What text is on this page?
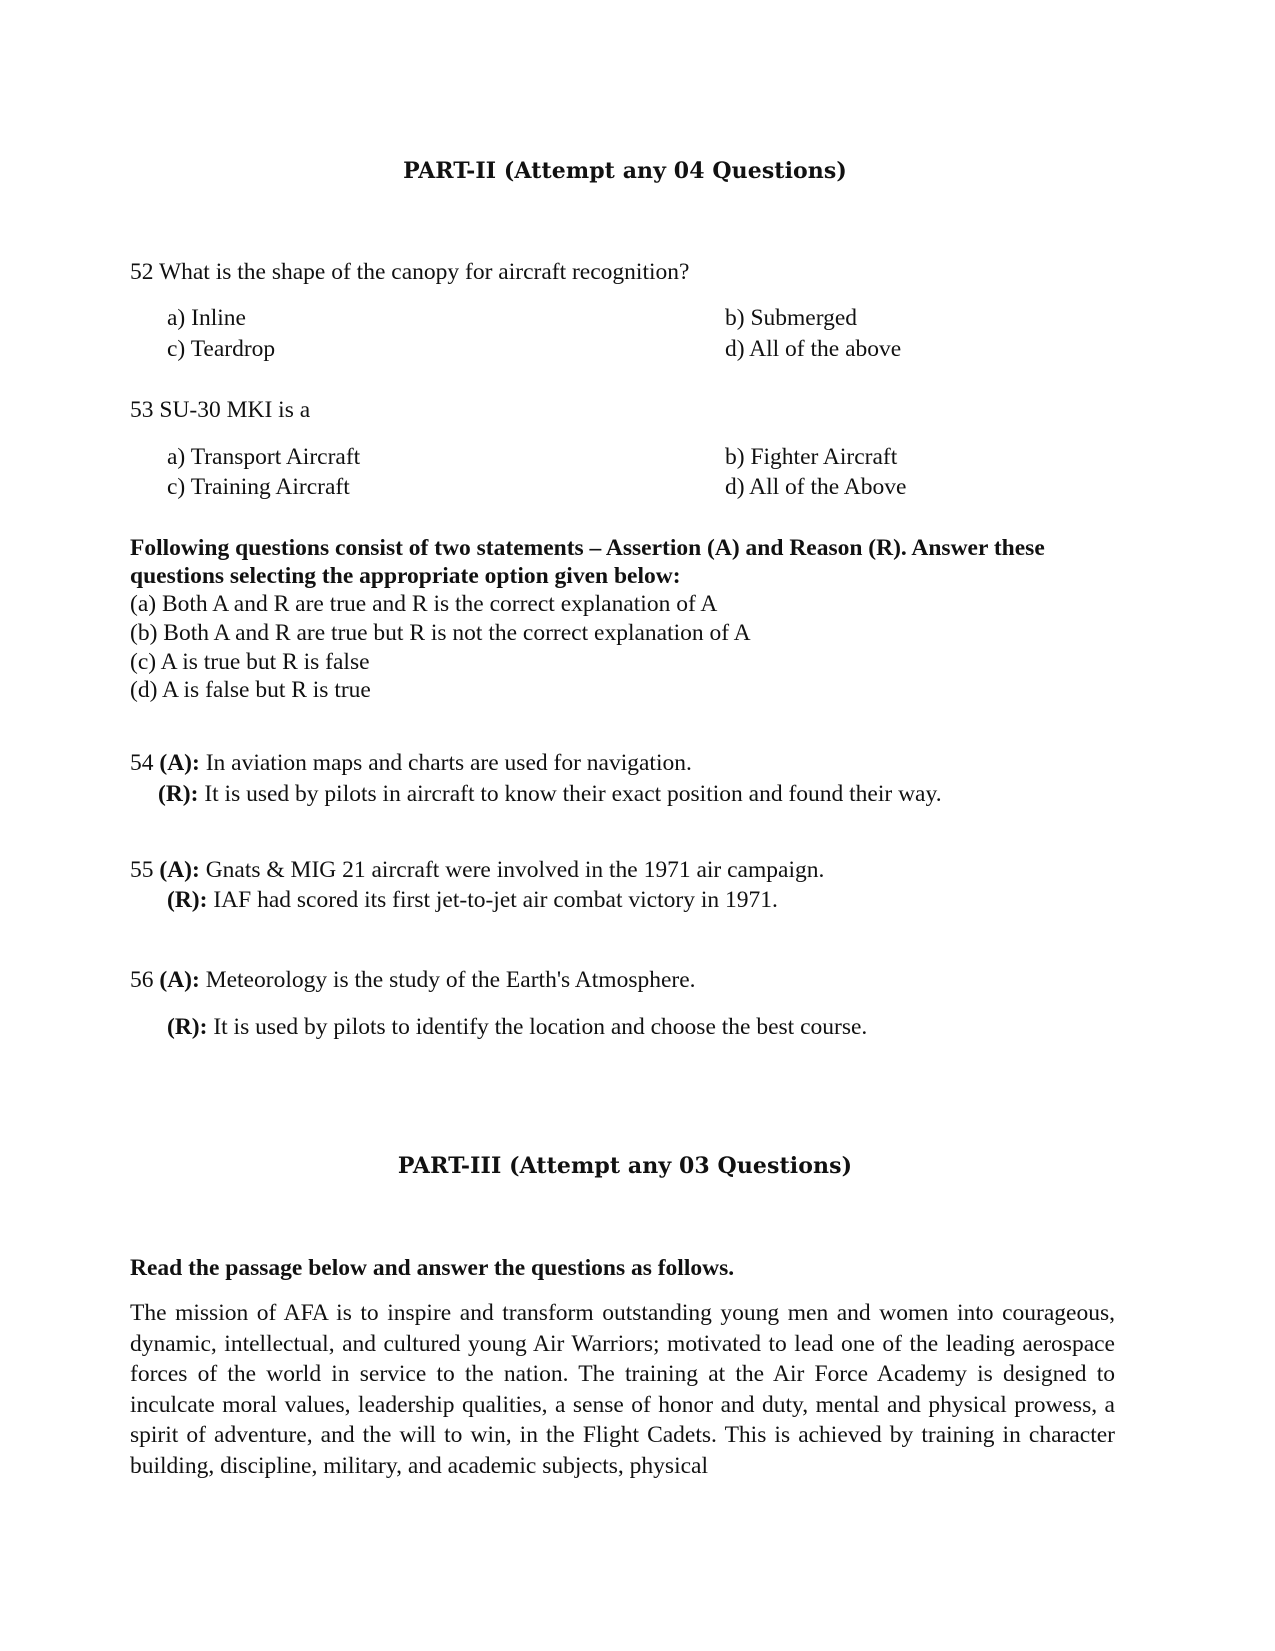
PART-II (Attempt any 04 Questions)
52 What is the shape of the canopy for aircraft recognition?
a) Inline	b) Submerged
c) Teardrop	d) All of the above
53 SU-30 MKI is a
a) Transport Aircraft	b) Fighter Aircraft
c) Training Aircraft	d) All of the Above
Following questions consist of two statements – Assertion (A) and Reason (R). Answer these
questions selecting the appropriate option given below:
(a) Both A and R are true and R is the correct explanation of A
(b) Both A and R are true but R is not the correct explanation of A
(c) A is true but R is false
(d) A is false but R is true
54 (A): In aviation maps and charts are used for navigation.
(R): It is used by pilots in aircraft to know their exact position and found their way.
55 (A): Gnats & MIG 21 aircraft were involved in the 1971 air campaign.
(R): IAF had scored its first jet-to-jet air combat victory in 1971.
56 (A): Meteorology is the study of the Earth's Atmosphere.
(R): It is used by pilots to identify the location and choose the best course.
PART-III (Attempt any 03 Questions)
Read the passage below and answer the questions as follows.

The mission of AFA is to inspire and transform outstanding young men and women into courageous, dynamic, intellectual, and cultured young Air Warriors; motivated to lead one of the leading aerospace forces of the world in service to the nation. The training at the Air Force Academy is designed to inculcate moral values, leadership qualities, a sense of honor and duty, mental and physical prowess, a spirit of adventure, and the will to win, in the Flight Cadets. This is achieved by training in character building, discipline, military, and academic subjects, physical
